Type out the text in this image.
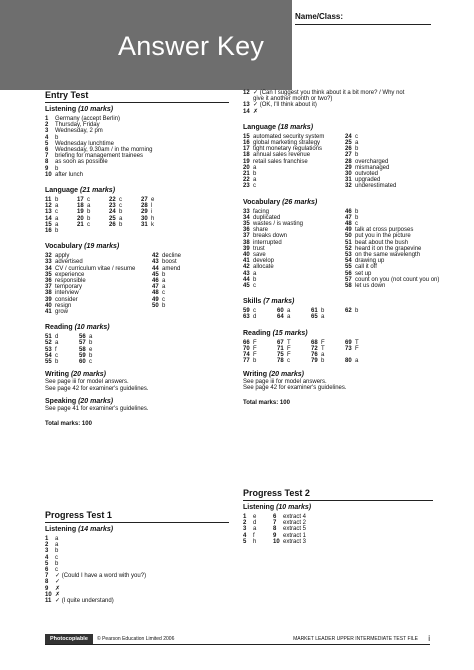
Answer Key
Name/Class:
Entry Test
Listening (10 marks)
1 Germany (accept Berlin)
2 Thursday, Friday
3 Wednesday, 2 pm
4 b
5 Wednesday lunchtime
6 Wednesday, 9.30am / in the morning
7 briefing for management trainees
8 as soon as possible
9 b
10 after lunch
Language (21 marks)
11 b	17 c	22 c	27 e
12 a	18 a	23 c	28 l
13 c	19 b	24 b	29 i
14 a	20 b	25 a	30 h
15 a	21 c	26 b	31 k
16 b
Vocabulary (19 marks)
32 apply	42 decline
33 advertised	43 boost
34 CV / curriculum vitae / resume	44 amend
35 experience	45 b
36 responsible	46 a
37 temporary	47 a
38 interview	48 c
39 consider	49 c
40 resign	50 b
41 grow
Reading (10 marks)
51 d	56 a
52 a	57 b
53 f	58 e
54 c	59 b
55 b	60 c
Writing (20 marks)
See page iii for model answers.
See page 42 for examiner's guidelines.
Speaking (20 marks)
See page 41 for examiner's guidelines.
Total marks: 100
Progress Test 1
Listening (14 marks)
1 a
2 a
3 b
4 c
5 b
6 c
7 ✓ (Could I have a word with you?)
8 ✓
9 ✗
10 ✗
11 ✓ (I quite understand)
12 ✓ (Can I suggest you think about it a bit more? / Why not
give it another month or two?)
13 ✓ (OK, I'll think about it)
14 ✗
Language (18 marks)
15 automated security system	24 c
16 global marketing strategy	25 a
17 tight monetary regulations	26 b
18 annual sales revenue	27 b
19 retail sales franchise	28 overcharged
20 a	29 mismanaged
21 b	30 outvoted
22 a	31 upgraded
23 c	32 underestimated
Vocabulary (26 marks)
33 facing	46 b
34 duplicated	47 b
35 wastes / is wasting	48 c
36 share	49 talk at cross purposes
37 breaks down	50 put you in the picture
38 interrupted	51 beat about the bush
39 trust	52 heard it on the grapevine
40 save	53 on the same wavelength
41 develop	54 drawing up
42 allocate	55 call it off
43 a	56 set up
44 b	57 count on you (not count you on)
45 c	58 let us down
Skills (7 marks)
59 c	60 a	61 b	62 b
63 d	64 a	65 a
Reading (15 marks)
66 F	67 T	68 F	69 T
70 F	71 F	72 T	73 F
74 F	75 F	76 a
77 b	78 c	79 b	80 a
Writing (20 marks)
See page iii for model answers.
See page 42 for examiner's guidelines.
Total marks: 100
Progress Test 2
Listening (10 marks)
1 e	6 extract 4
2 d	7 extract 2
3 a	8 extract 5
4 f	9 extract 1
5 h	10 extract 3
Photocopiable	© Pearson Education Limited 2006	MARKET LEADER UPPER INTERMEDIATE TEST FILE i
